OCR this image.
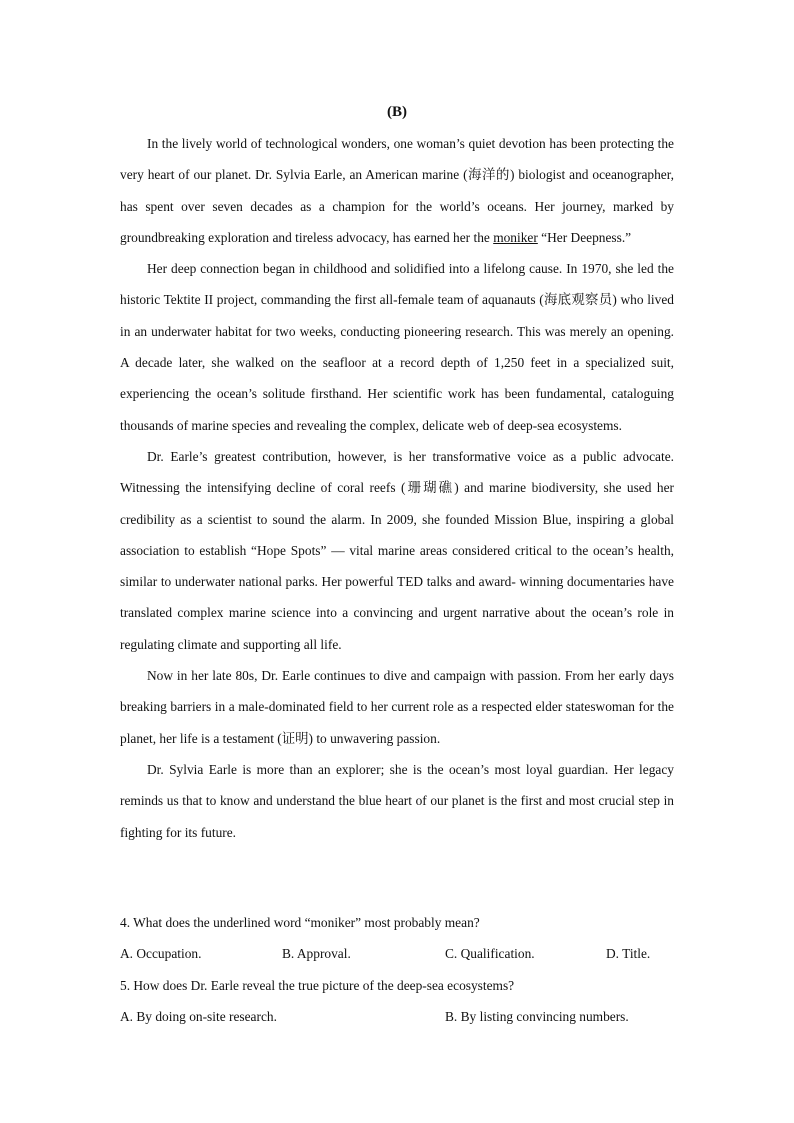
(B)

In the lively world of technological wonders, one woman’s quiet devotion has been protecting the very heart of our planet. Dr. Sylvia Earle, an American marine (海洋的) biologist and oceanographer, has spent over seven decades as a champion for the world’s oceans. Her journey, marked by groundbreaking exploration and tireless advocacy, has earned her the moniker “Her Deepness.”

Her deep connection began in childhood and solidified into a lifelong cause. In 1970, she led the historic Tektite II project, commanding the first all-female team of aquanauts (海底观察员) who lived in an underwater habitat for two weeks, conducting pioneering research. This was merely an opening. A decade later, she walked on the seafloor at a record depth of 1,250 feet in a specialized suit, experiencing the ocean’s solitude firsthand. Her scientific work has been fundamental, cataloguing thousands of marine species and revealing the complex, delicate web of deep-sea ecosystems.

Dr. Earle’s greatest contribution, however, is her transformative voice as a public advocate. Witnessing the intensifying decline of coral reefs (珊瑚礁) and marine biodiversity, she used her credibility as a scientist to sound the alarm. In 2009, she founded Mission Blue, inspiring a global association to establish “Hope Spots” — vital marine areas considered critical to the ocean’s health, similar to underwater national parks. Her powerful TED talks and award- winning documentaries have translated complex marine science into a convincing and urgent narrative about the ocean’s role in regulating climate and supporting all life.

Now in her late 80s, Dr. Earle continues to dive and campaign with passion. From her early days breaking barriers in a male-dominated field to her current role as a respected elder stateswoman for the planet, her life is a testament (证明) to unwavering passion.

Dr. Sylvia Earle is more than an explorer; she is the ocean’s most loyal guardian. Her legacy reminds us that to know and understand the blue heart of our planet is the first and most crucial step in fighting for its future.

4. What does the underlined word “moniker” most probably mean?

A. Occupation.	B. Approval.	C. Qualification.	D. Title.

5. How does Dr. Earle reveal the true picture of the deep-sea ecosystems?

A. By doing on-site research.	B. By listing convincing numbers.
